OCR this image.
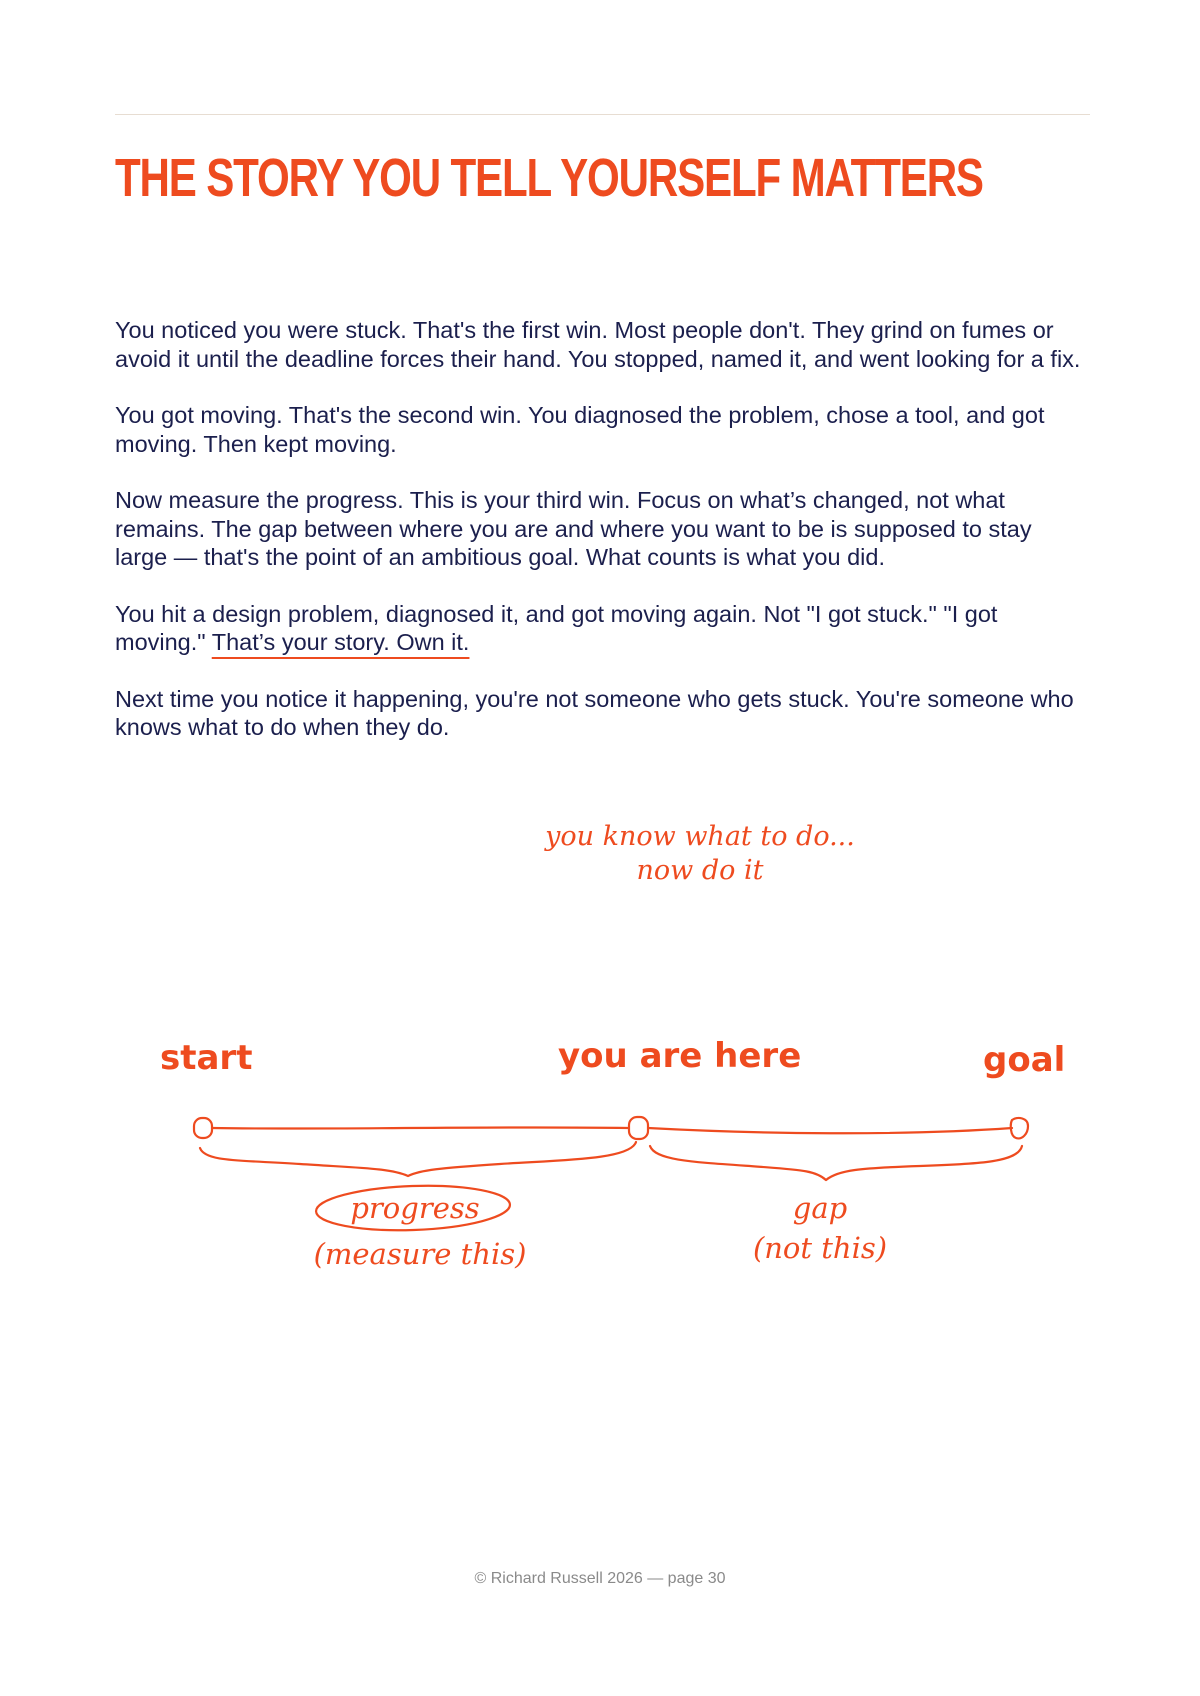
THE STORY YOU TELL YOURSELF MATTERS

You noticed you were stuck. That's the first win. Most people don't. They grind on fumes or avoid it until the deadline forces their hand. You stopped, named it, and went looking for a fix.

You got moving. That's the second win. You diagnosed the problem, chose a tool, and got moving. Then kept moving.

Now measure the progress. This is your third win. Focus on what’s changed, not what remains. The gap between where you are and where you want to be is supposed to stay large — that's the point of an ambitious goal. What counts is what you did.

You hit a design problem, diagnosed it, and got moving again. Not "I got stuck." "I got moving." That’s your story. Own it.

Next time you notice it happening, you're not someone who gets stuck. You're someone who knows what to do when they do.

you know what to do...
now do it
start	you are here	goal
progress
(measure this)
gap
(not this)
© Richard Russell 2026 — page 30
